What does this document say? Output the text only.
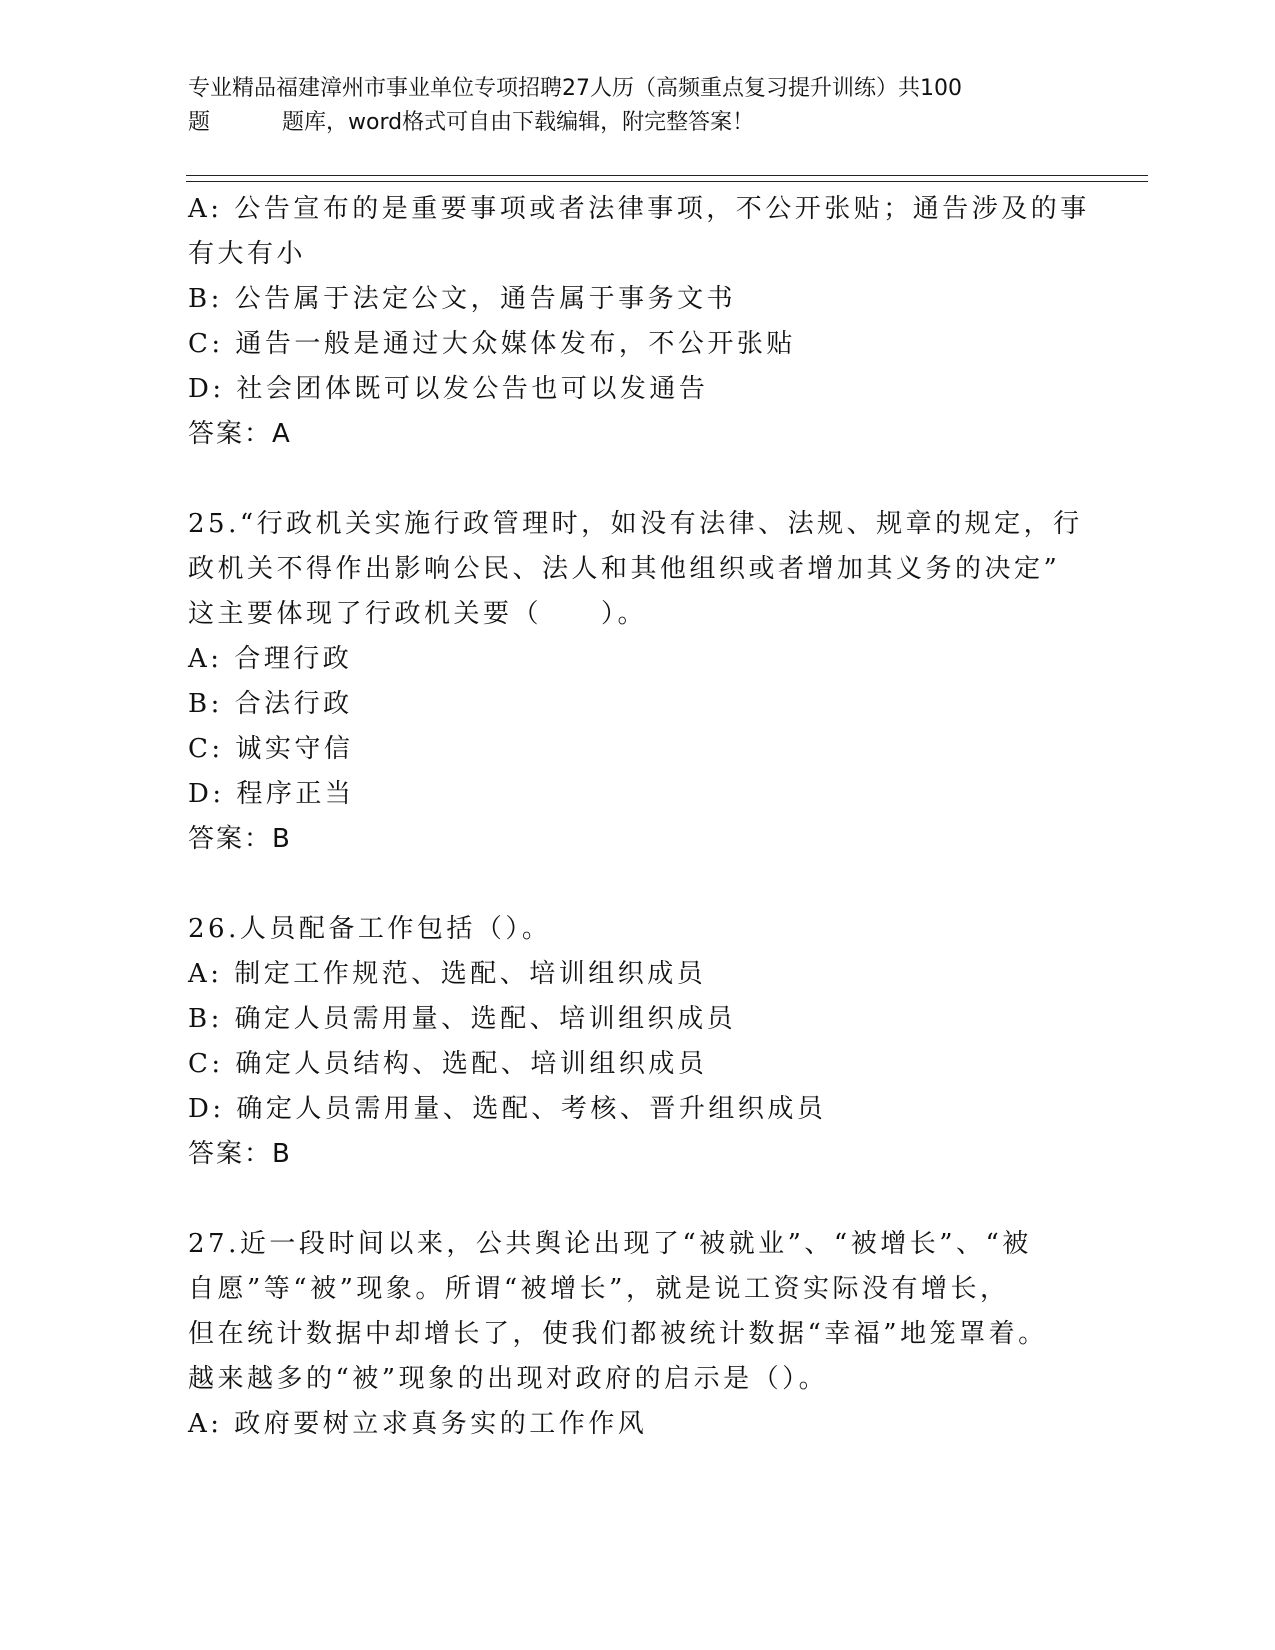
专业精品福建漳州市事业单位专项招聘27人历（高频重点复习提升训练）共100
题	题库，word格式可自由下载编辑，附完整答案！
A: 公告宣布的是重要事项或者法律事项，不公开张贴；通告涉及的事
有大有小
B: 公告属于法定公文，通告属于事务文书
C: 通告一般是通过大众媒体发布，不公开张贴
D: 社会团体既可以发公告也可以发通告
答案：A
25.“行政机关实施行政管理时，如没有法律、法规、规章的规定，行
政机关不得作出影响公民、法人和其他组织或者增加其义务的决定”
这主要体现了行政机关要（　　）。
A: 合理行政
B: 合法行政
C: 诚实守信
D: 程序正当
答案：B
26.人员配备工作包括（）。
A: 制定工作规范、选配、培训组织成员
B: 确定人员需用量、选配、培训组织成员
C: 确定人员结构、选配、培训组织成员
D: 确定人员需用量、选配、考核、晋升组织成员
答案：B
27.近一段时间以来，公共舆论出现了“被就业”、“被增长”、“被
自愿”等“被”现象。所谓“被增长”，就是说工资实际没有增长，
但在统计数据中却增长了，使我们都被统计数据“幸福”地笼罩着。
越来越多的“被”现象的出现对政府的启示是（）。
A: 政府要树立求真务实的工作作风
